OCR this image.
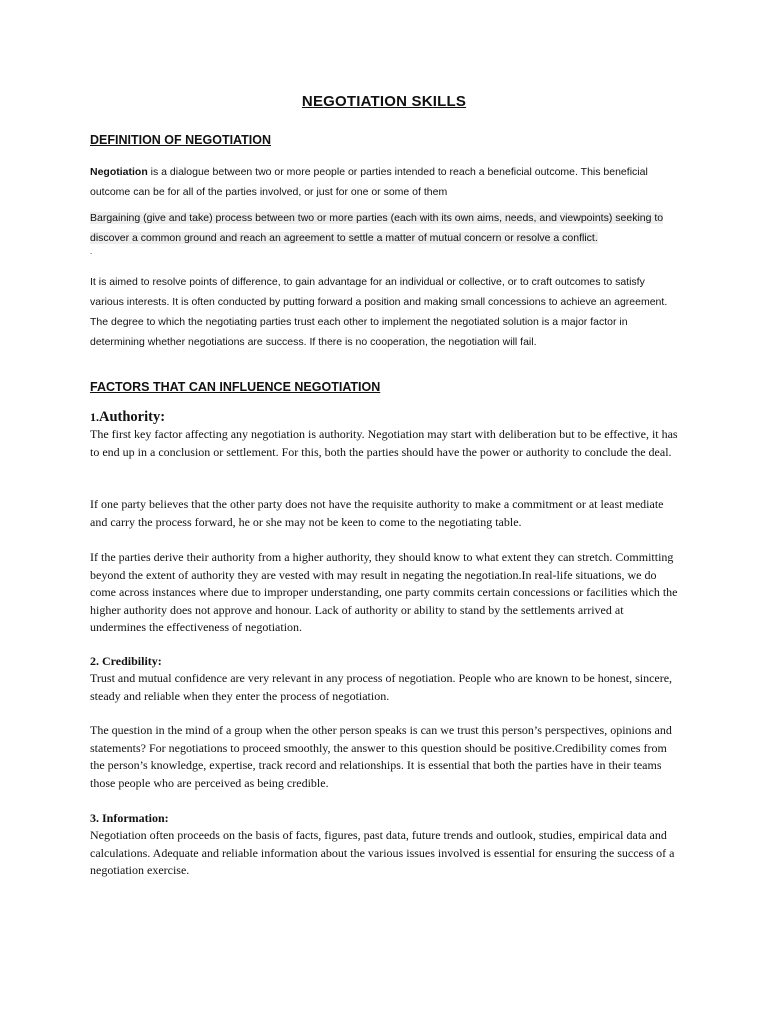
NEGOTIATION SKILLS
DEFINITION OF NEGOTIATION
Negotiation is a dialogue between two or more people or parties intended to reach a beneficial outcome. This beneficial outcome can be for all of the parties involved, or just for one or some of them
Bargaining (give and take) process between two or more parties (each with its own aims, needs, and viewpoints) seeking to discover a common ground and reach an agreement to settle a matter of mutual concern or resolve a conflict.
.
It is aimed to resolve points of difference, to gain advantage for an individual or collective, or to craft outcomes to satisfy various interests. It is often conducted by putting forward a position and making small concessions to achieve an agreement. The degree to which the negotiating parties trust each other to implement the negotiated solution is a major factor in determining whether negotiations are success. If there is no cooperation, the negotiation will fail.
FACTORS THAT CAN INFLUENCE NEGOTIATION
1.Authority:
The first key factor affecting any negotiation is authority. Negotiation may start with deliberation but to be effective, it has to end up in a conclusion or settlement. For this, both the parties should have the power or authority to conclude the deal.
If one party believes that the other party does not have the requisite authority to make a commitment or at least mediate and carry the process forward, he or she may not be keen to come to the negotiating table.
If the parties derive their authority from a higher authority, they should know to what extent they can stretch. Committing beyond the extent of authority they are vested with may result in negating the negotiation.In real-life situations, we do come across instances where due to improper understanding, one party commits certain concessions or facilities which the higher authority does not approve and honour. Lack of authority or ability to stand by the settlements arrived at undermines the effectiveness of negotiation.
2. Credibility:
Trust and mutual confidence are very relevant in any process of negotiation. People who are known to be honest, sincere, steady and reliable when they enter the process of negotiation.
The question in the mind of a group when the other person speaks is can we trust this person’s perspectives, opinions and statements? For negotiations to proceed smoothly, the answer to this question should be positive.Credibility comes from the person’s knowledge, expertise, track record and relationships. It is essential that both the parties have in their teams those people who are perceived as being credible.
3. Information:
Negotiation often proceeds on the basis of facts, figures, past data, future trends and outlook, studies, empirical data and calculations. Adequate and reliable information about the various issues involved is essential for ensuring the success of a negotiation exercise.
